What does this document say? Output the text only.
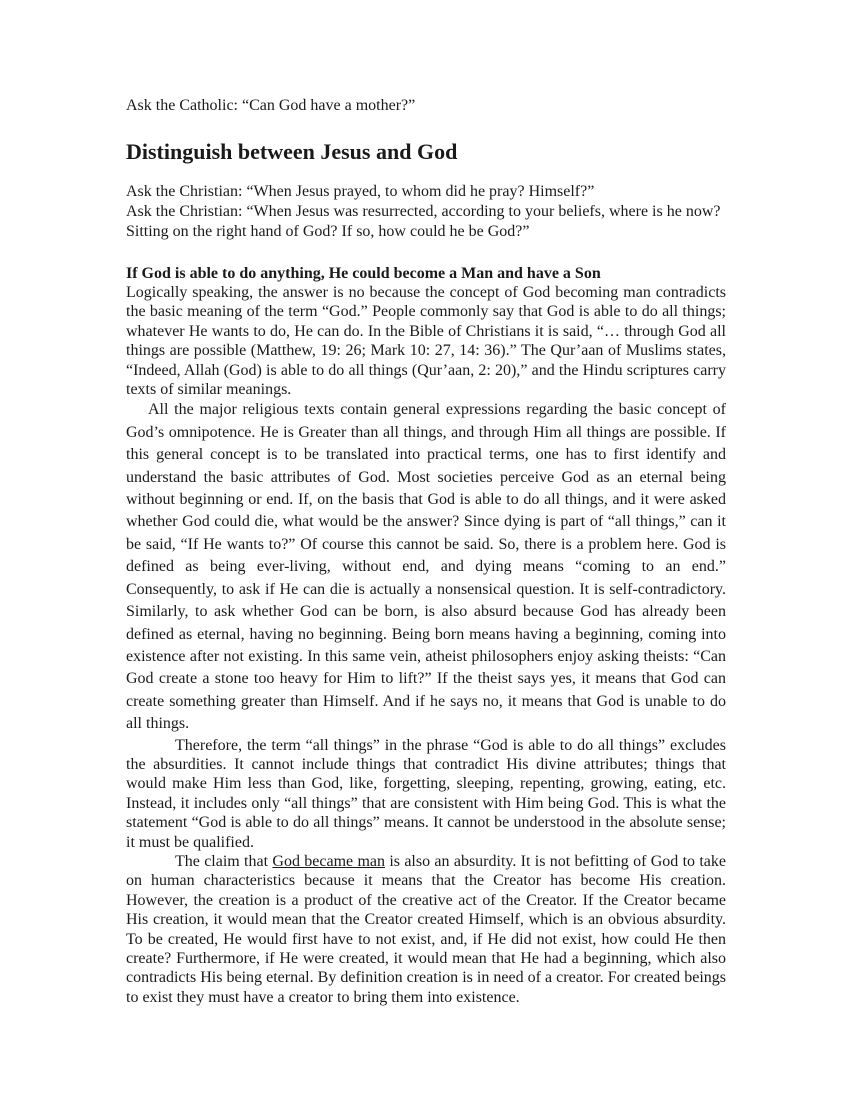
Ask the Catholic: “Can God have a mother?”

Distinguish between Jesus and God

Ask the Christian: “When Jesus prayed, to whom did he pray? Himself?”

Ask the Christian: “When Jesus was resurrected, according to your beliefs, where is he now? Sitting on the right hand of God? If so, how could he be God?”

If God is able to do anything, He could become a Man and have a Son

Logically speaking, the answer is no because the concept of God becoming man contradicts the basic meaning of the term “God.” People commonly say that God is able to do all things; whatever He wants to do, He can do. In the Bible of Christians it is said, “… through God all things are possible (Matthew, 19: 26; Mark 10: 27, 14: 36).” The Qur’aan of Muslims states, “Indeed, Allah (God) is able to do all things (Qur’aan, 2: 20),” and the Hindu scriptures carry texts of similar meanings.

All the major religious texts contain general expressions regarding the basic concept of God’s omnipotence. He is Greater than all things, and through Him all things are possible. If this general concept is to be translated into practical terms, one has to first identify and understand the basic attributes of God. Most societies perceive God as an eternal being without beginning or end. If, on the basis that God is able to do all things, and it were asked whether God could die, what would be the answer? Since dying is part of “all things,” can it be said, “If He wants to?” Of course this cannot be said. So, there is a problem here. God is defined as being ever-living, without end, and dying means “coming to an end.” Consequently, to ask if He can die is actually a nonsensical question. It is self-contradictory. Similarly, to ask whether God can be born, is also absurd because God has already been defined as eternal, having no beginning. Being born means having a beginning, coming into existence after not existing. In this same vein, atheist philosophers enjoy asking theists: “Can God create a stone too heavy for Him to lift?” If the theist says yes, it means that God can create something greater than Himself. And if he says no, it means that God is unable to do all things.

Therefore, the term “all things” in the phrase “God is able to do all things” excludes the absurdities. It cannot include things that contradict His divine attributes; things that would make Him less than God, like, forgetting, sleeping, repenting, growing, eating, etc. Instead, it includes only “all things” that are consistent with Him being God. This is what the statement “God is able to do all things” means. It cannot be understood in the absolute sense; it must be qualified.

The claim that God became man is also an absurdity. It is not befitting of God to take on human characteristics because it means that the Creator has become His creation. However, the creation is a product of the creative act of the Creator. If the Creator became His creation, it would mean that the Creator created Himself, which is an obvious absurdity. To be created, He would first have to not exist, and, if He did not exist, how could He then create? Furthermore, if He were created, it would mean that He had a beginning, which also contradicts His being eternal. By definition creation is in need of a creator. For created beings to exist they must have a creator to bring them into existence.
